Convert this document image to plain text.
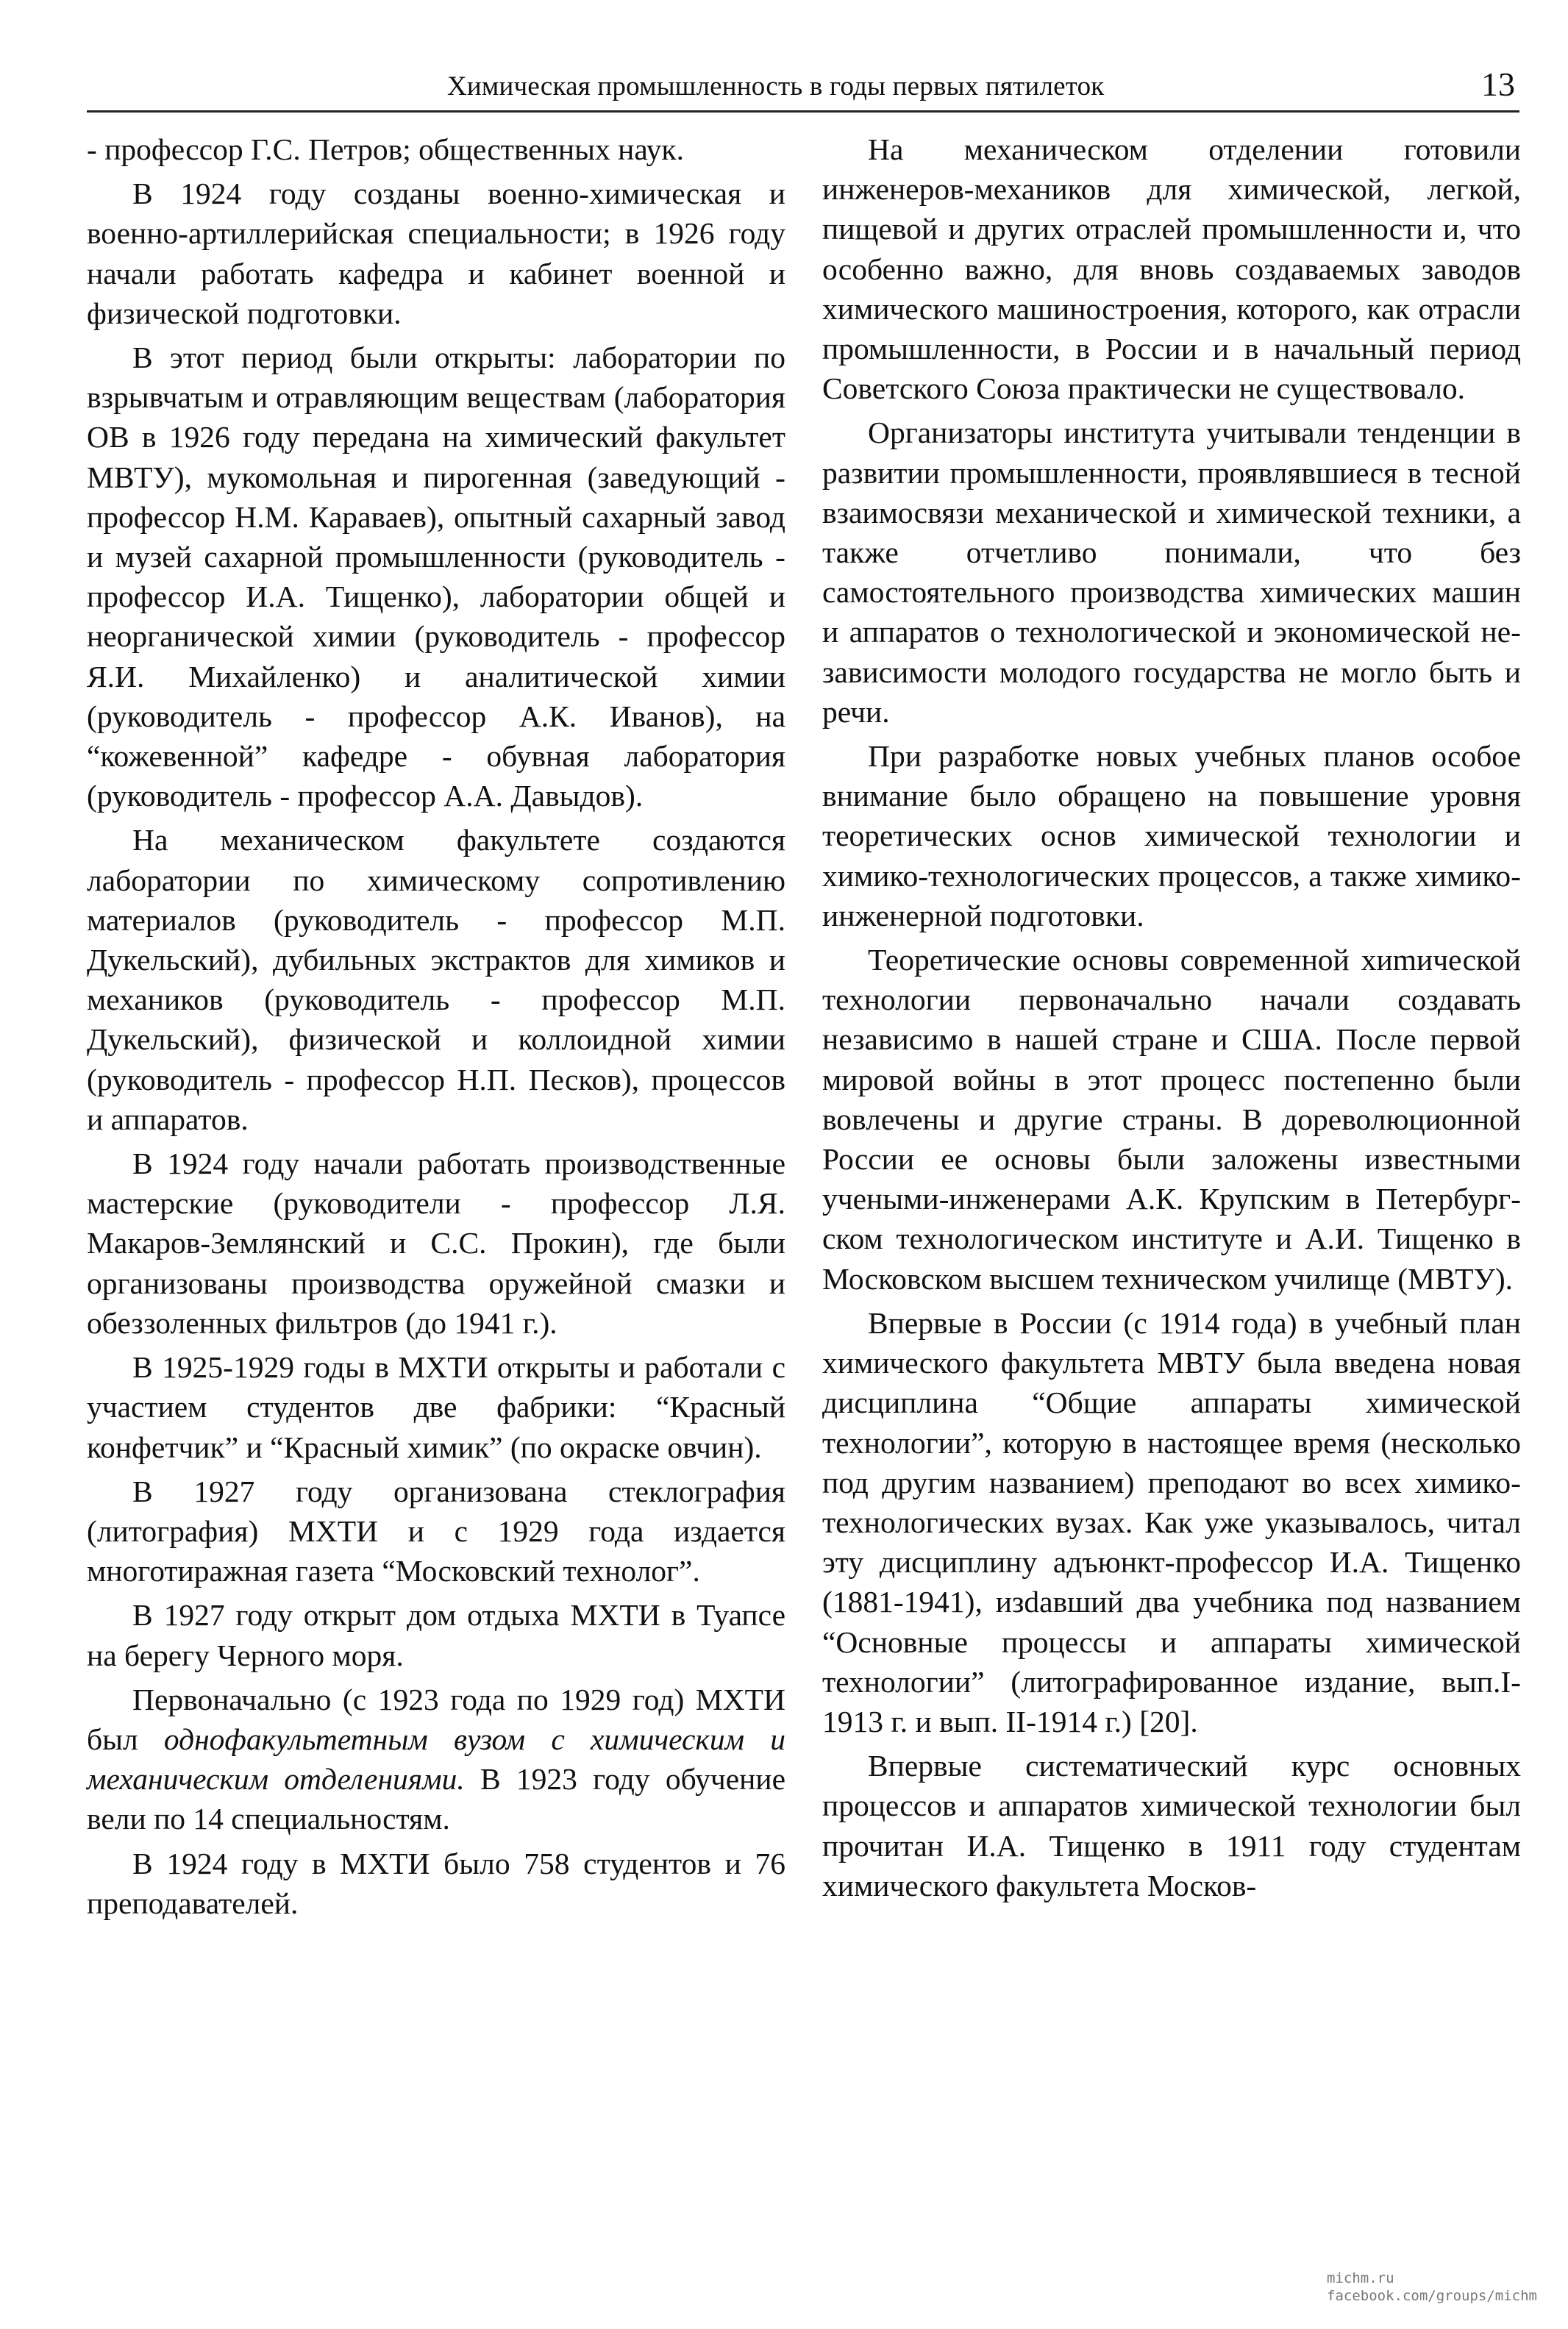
Химическая промышленность в годы первых пятилеток	13

- профессор Г.С. Петров; общественных наук.

В 1924 году созданы военно-химическая и военно-артиллерийская специальности; в 1926 году начали работать кафедра и кабинет военной и физической подготовки.

В этот период были открыты: лаборатории по взрывчатым и отравляющим веществам (лаборатория ОВ в 1926 году передана на химический факультет МВТУ), мукомольная и пирогенная (заведующий - профессор Н.М. Караваев), опытный сахарный завод и музей сахарной промышленности (руководитель - профессор И.А. Тищенко), лаборатории общей и неорганической химии (руководитель - профессор Я.И. Михайленко) и аналитической химии (руководитель - профессор А.К. Иванов), на “кожевенной” кафедре - обувная лаборатория (руководитель - профессор А.А. Давыдов).

На механическом факультете создаются лаборатории по химическому сопротивлению материалов (руководитель - профессор М.П. Дукельский), дубильных экстрактов для химиков и механиков (руководитель - профессор М.П. Дукельский), физической и коллоидной химии (руководитель - профессор Н.П. Песков), процессов и аппаратов.

В 1924 году начали работать производственные мастерские (руководители - профессор Л.Я. Макаров-Землянский и С.С. Прокин), где были организованы производства оружейной смазки и обеззоленных фильтров (до 1941 г.).

В 1925-1929 годы в МХТИ открыты и работали с участием студентов две фабрики: “Красный конфетчик” и “Красный химик” (по окраске овчин).

В 1927 году организована стеклография (литография) МХТИ и с 1929 года издается многотиражная газета “Московский технолог”.

В 1927 году открыт дом отдыха МХТИ в Туапсе на берегу Черного моря.

Первоначально (с 1923 года по 1929 год) МХТИ был однофакультетным вузом с химическим и механическим отделениями. В 1923 году обучение вели по 14 специальностям.

В 1924 году в МХТИ было 758 студентов и 76 преподавателей.

На механическом отделении готовили инженеров-механиков для химической, легкой, пищевой и других отраслей промышленности и, что особенно важно, для вновь создаваемых заводов химического машиностроения, которого, как отрасли промышленности, в России и в начальный период Советского Союза практически не существовало.

Организаторы института учитывали тенденции в развитии промышленности, проявлявшиеся в тесной взаимосвязи механической и химической техники, а также отчетливо понимали, что без самостоятельного производства химических машин и аппаратов о технологической и экономической независимости молодого государства не могло быть и речи.

При разработке новых учебных планов особое внимание было обращено на повышение уровня теоретических основ химической технологии и химико-технологических процессов, а также химико-инженерной подготовки.

Теоретические основы современной хиmической технологии первоначально начали создавать независимо в нашей стране и США. После первой мировой войны в этот процесс постепенно были вовлечены и другие страны. В дореволюционной России ее основы были заложены известными учеными-инженерами А.К. Крупским в Петербургском технологическом институте и А.И. Тищенко в Московском высшем техническом училище (МВТУ).

Впервые в России (с 1914 года) в учебный план химического факультета МВТУ была введена новая дисциплина “Общие аппараты химической технологии”, которую в настоящее время (несколько под другим названием) преподают во всех химико-технологических вузах. Как уже указывалось, читал эту дисциплину адъюнкт-профессор И.А. Тищенко (1881-1941), изdавший два учебника под названием “Основные процессы и аппараты химической технологии” (литографированное издание, вып.I-1913 г. и вып. II-1914 г.) [20].

Впервые систематический курс основных процессов и аппаратов химической технологии был прочитан И.А. Тищенко в 1911 году студентам химического факультета Москов-

michm.ru
facebook.com/groups/michm
